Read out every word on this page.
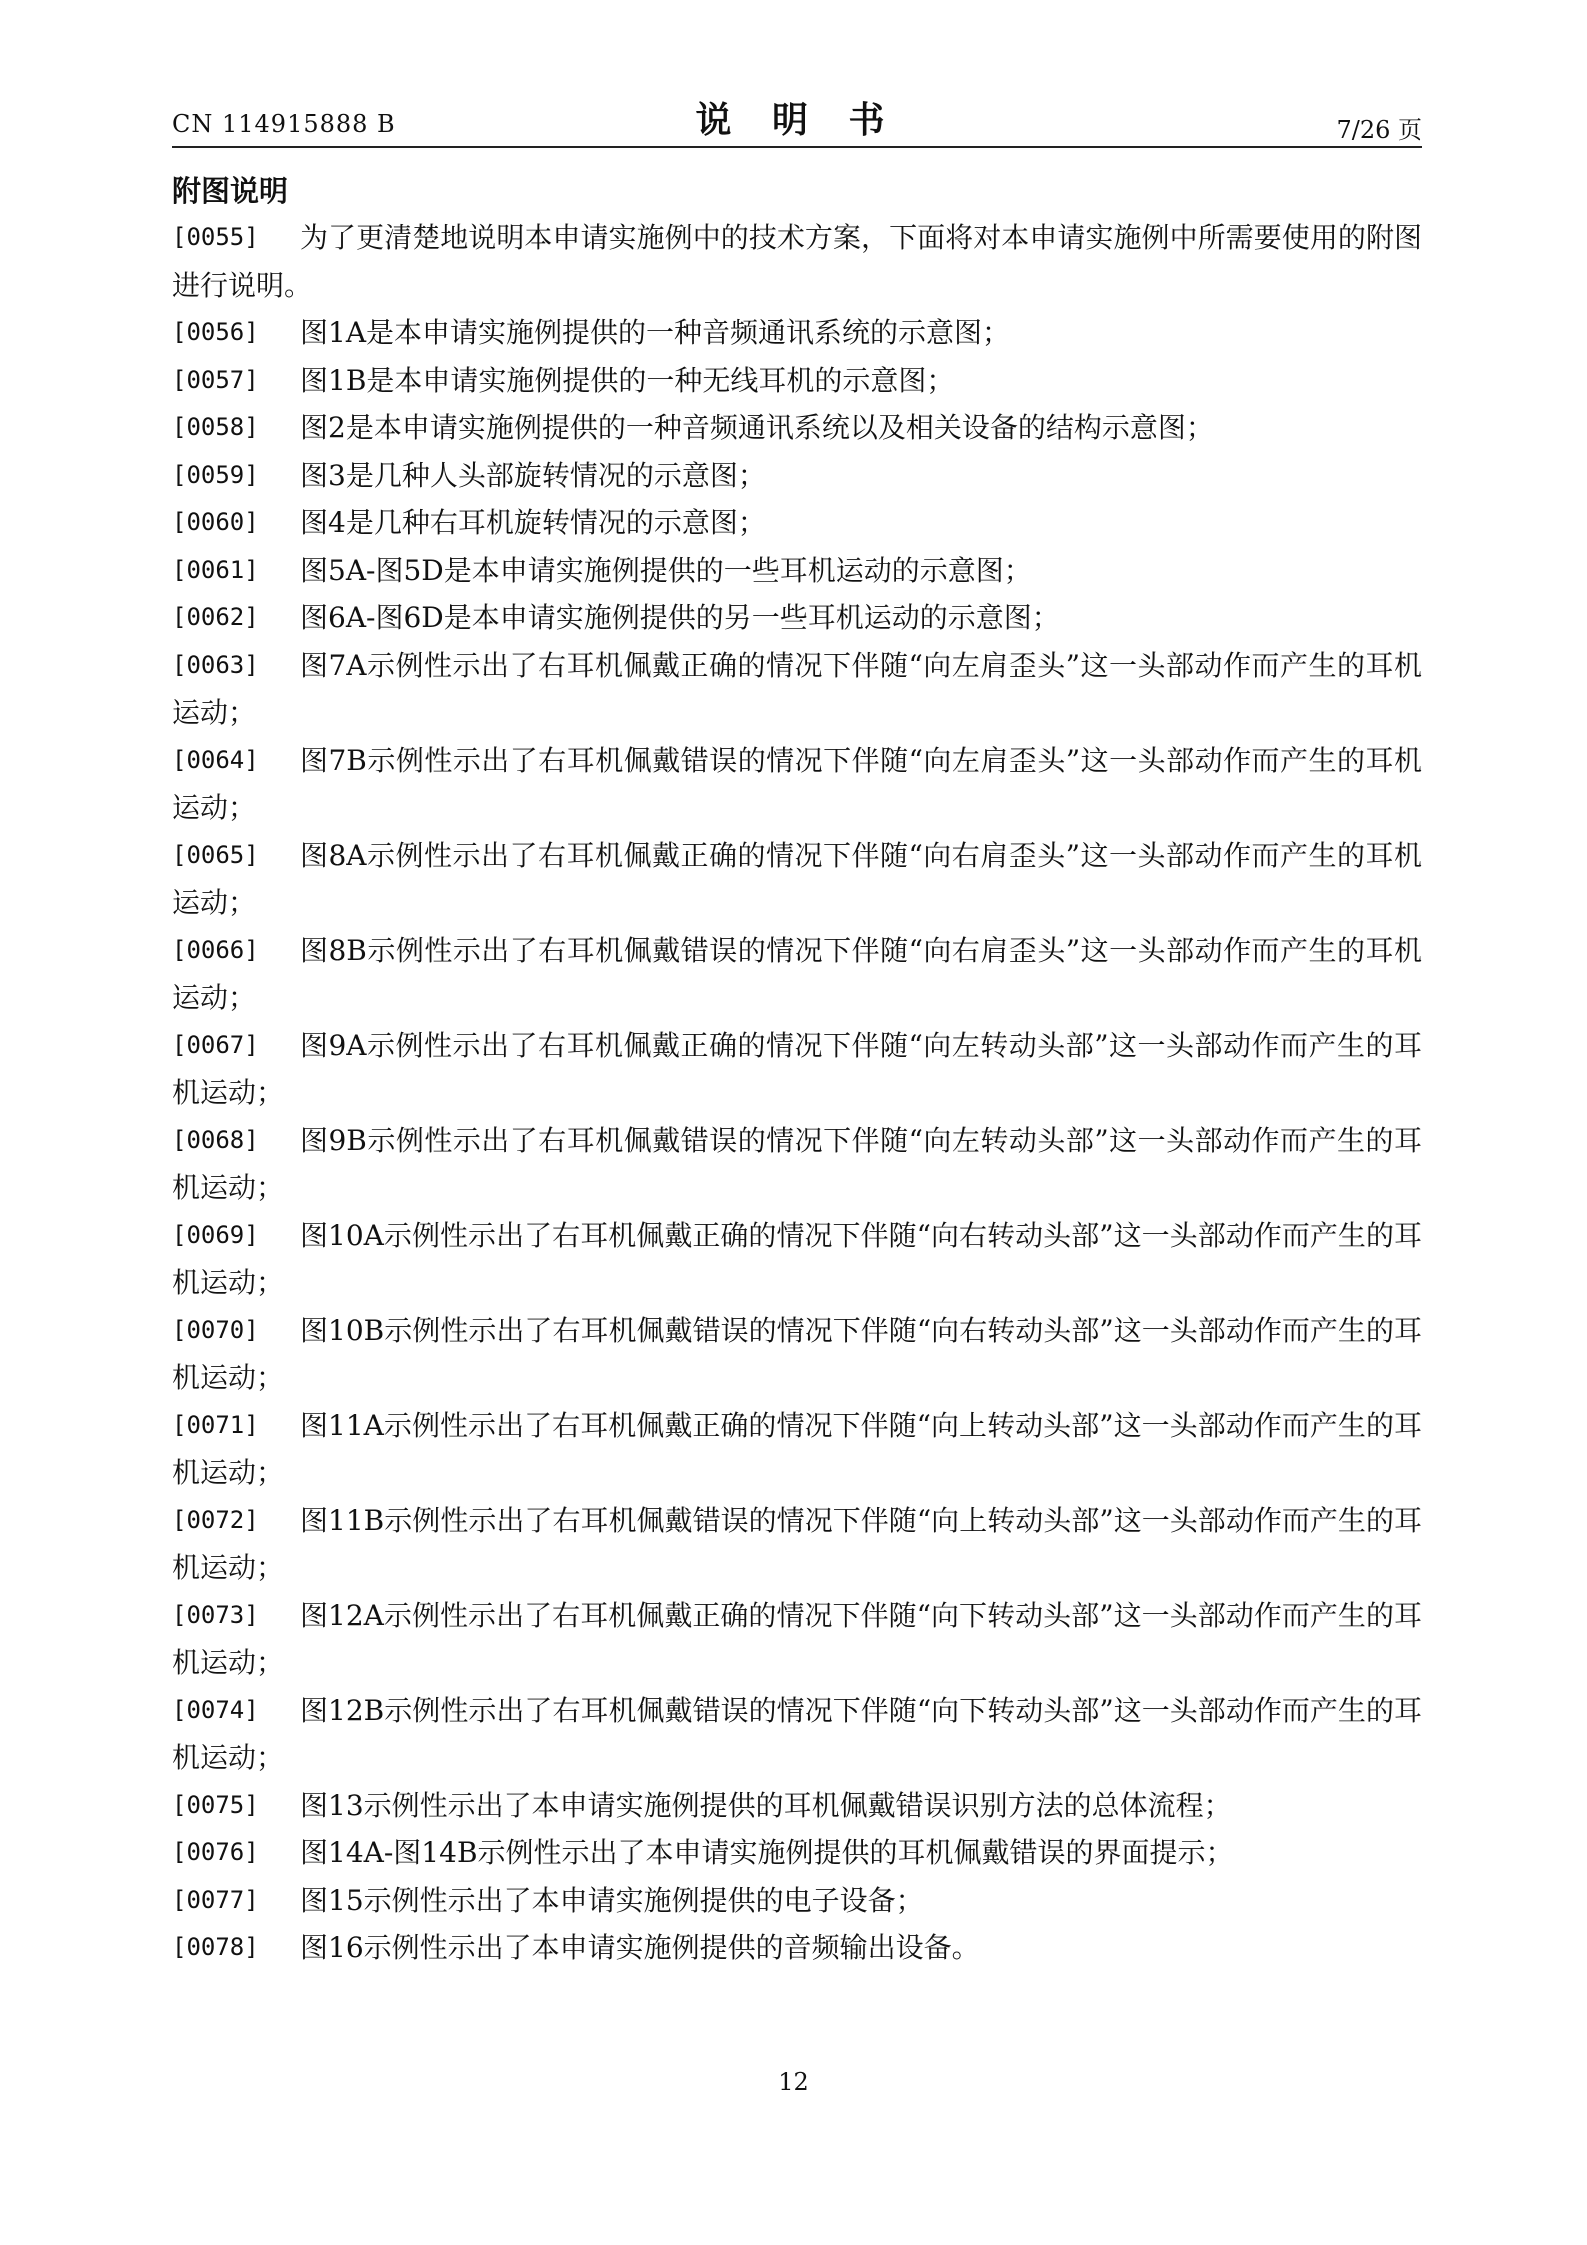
CN 114915888 B	说 明 书	7/26 页
附图说明
[0055]	为了更清楚地说明本申请实施例中的技术方案，下面将对本申请实施例中所需要使用的附图进行说明。
[0056]	图1A是本申请实施例提供的一种音频通讯系统的示意图；
[0057]	图1B是本申请实施例提供的一种无线耳机的示意图；
[0058]	图2是本申请实施例提供的一种音频通讯系统以及相关设备的结构示意图；
[0059]	图3是几种人头部旋转情况的示意图；
[0060]	图4是几种右耳机旋转情况的示意图；
[0061]	图5A-图5D是本申请实施例提供的一些耳机运动的示意图；
[0062]	图6A-图6D是本申请实施例提供的另一些耳机运动的示意图；
[0063]	图7A示例性示出了右耳机佩戴正确的情况下伴随“向左肩歪头”这一头部动作而产生的耳机运动；
[0064]	图7B示例性示出了右耳机佩戴错误的情况下伴随“向左肩歪头”这一头部动作而产生的耳机运动；
[0065]	图8A示例性示出了右耳机佩戴正确的情况下伴随“向右肩歪头”这一头部动作而产生的耳机运动；
[0066]	图8B示例性示出了右耳机佩戴错误的情况下伴随“向右肩歪头”这一头部动作而产生的耳机运动；
[0067]	图9A示例性示出了右耳机佩戴正确的情况下伴随“向左转动头部”这一头部动作而产生的耳机运动；
[0068]	图9B示例性示出了右耳机佩戴错误的情况下伴随“向左转动头部”这一头部动作而产生的耳机运动；
[0069]	图10A示例性示出了右耳机佩戴正确的情况下伴随“向右转动头部”这一头部动作而产生的耳机运动；
[0070]	图10B示例性示出了右耳机佩戴错误的情况下伴随“向右转动头部”这一头部动作而产生的耳机运动；
[0071]	图11A示例性示出了右耳机佩戴正确的情况下伴随“向上转动头部”这一头部动作而产生的耳机运动；
[0072]	图11B示例性示出了右耳机佩戴错误的情况下伴随“向上转动头部”这一头部动作而产生的耳机运动；
[0073]	图12A示例性示出了右耳机佩戴正确的情况下伴随“向下转动头部”这一头部动作而产生的耳机运动；
[0074]	图12B示例性示出了右耳机佩戴错误的情况下伴随“向下转动头部”这一头部动作而产生的耳机运动；
[0075]	图13示例性示出了本申请实施例提供的耳机佩戴错误识别方法的总体流程；
[0076]	图14A-图14B示例性示出了本申请实施例提供的耳机佩戴错误的界面提示；
[0077]	图15示例性示出了本申请实施例提供的电子设备；
[0078]	图16示例性示出了本申请实施例提供的音频输出设备。
12
